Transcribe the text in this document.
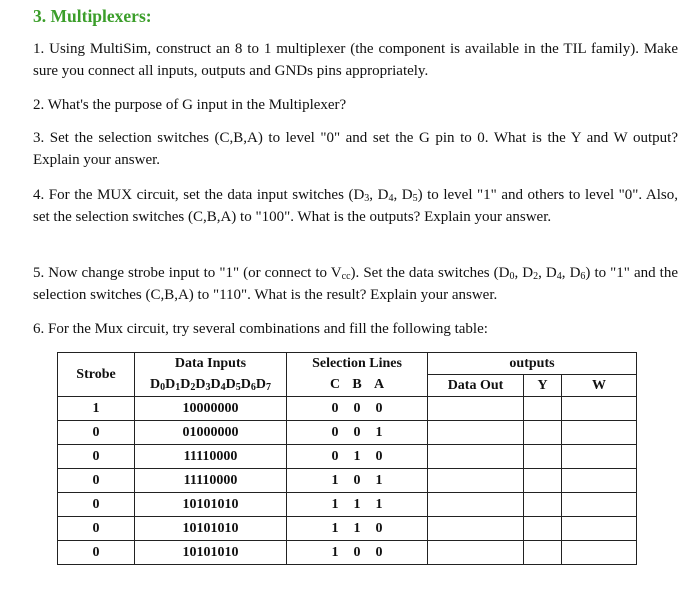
3. Multiplexers:
1. Using MultiSim, construct an 8 to 1 multiplexer (the component is available in the TIL family). Make sure you connect all inputs, outputs and GNDs pins appropriately.
2. What's the purpose of G input in the Multiplexer?
3. Set the selection switches (C,B,A) to level "0" and set the G pin to 0. What is the Y and W output? Explain your answer.
4. For the MUX circuit, set the data input switches ($D_3$, $D_4$, $D_5$) to level "1" and others to level "0". Also, set the selection switches (C,B,A) to "100". What is the outputs? Explain your answer.
5. Now change strobe input to "1" (or connect to $V_{cc}$). Set the data switches ($D_0$, $D_2$, $D_4$, $D_6$) to "1" and the selection switches (C,B,A) to "110". What is the result? Explain your answer.
6. For the Mux circuit, try several combinations and fill the following table:
Strobe	Data Inputs	Selection Lines	outputs		
	$D_0D_1D_2D_3D_4D_5D_6D_7$	C B A	Data Out	Y	W
1	10000000	0 0 0			

0	01000000	0 0 1			

0	11110000	0 1 0			

0	11110000	1 0 1			

0	10101010	1 1 1			

0	10101010	1 1 0			

0	10101010	1 0 0			
